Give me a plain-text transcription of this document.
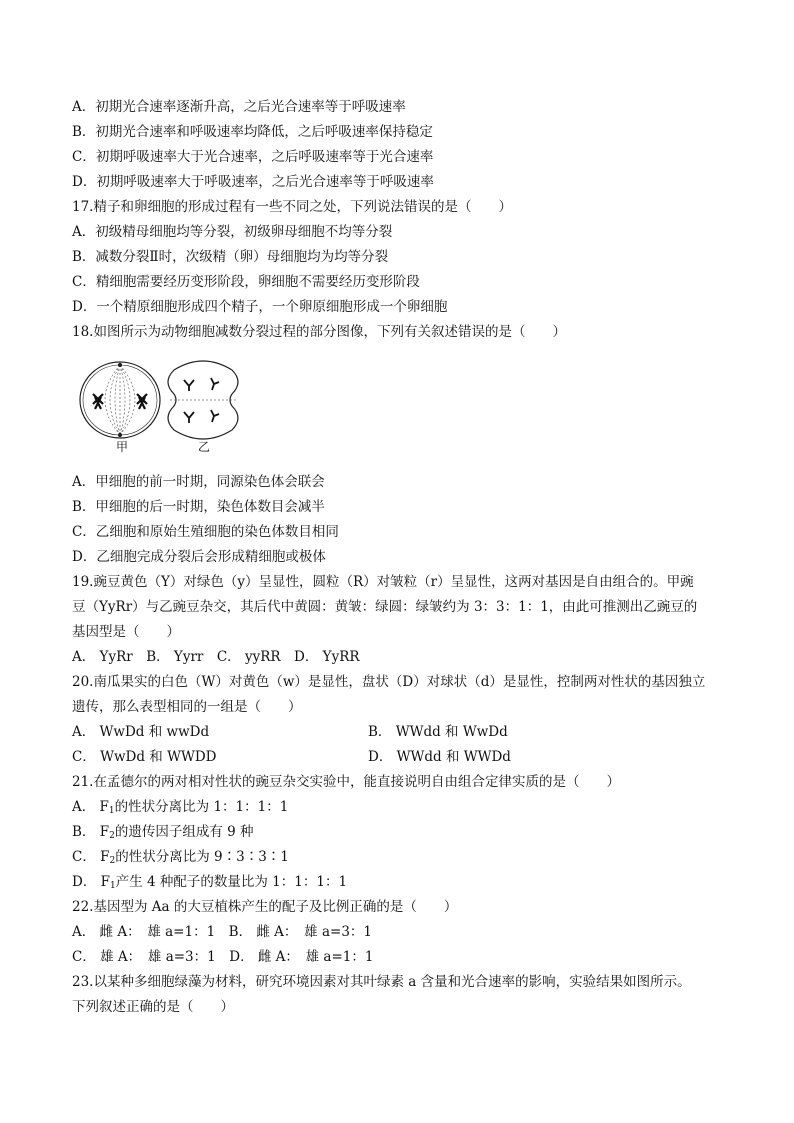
A．初期光合速率逐渐升高，之后光合速率等于呼吸速率
B．初期光合速率和呼吸速率均降低，之后呼吸速率保持稳定
C．初期呼吸速率大于光合速率，之后呼吸速率等于光合速率
D．初期呼吸速率大于呼吸速率，之后光合速率等于呼吸速率
17.精子和卵细胞的形成过程有一些不同之处，下列说法错误的是（　　）
A．初级精母细胞均等分裂，初级卵母细胞不均等分裂
B．减数分裂Ⅱ时，次级精（卵）母细胞均为均等分裂
C．精细胞需要经历变形阶段，卵细胞不需要经历变形阶段
D．一个精原细胞形成四个精子，一个卵原细胞形成一个卵细胞
18.如图所示为动物细胞减数分裂过程的部分图像，下列有关叙述错误的是（　　）
甲	乙
A．甲细胞的前一时期，同源染色体会联会
B．甲细胞的后一时期，染色体数目会减半
C．乙细胞和原始生殖细胞的染色体数目相同
D．乙细胞完成分裂后会形成精细胞或极体
19.豌豆黄色（Y）对绿色（y）呈显性，圆粒（R）对皱粒（r）呈显性，这两对基因是自由组合的。甲豌
豆（YyRr）与乙豌豆杂交，其后代中黄圆：黄皱：绿圆：绿皱约为 3：3：1：1，由此可推测出乙豌豆的
基因型是（　　）
A． YyRr　B． Yyrr　C． yyRR　D． YyRR
20.南瓜果实的白色（W）对黄色（w）是显性，盘状（D）对球状（d）是显性，控制两对性状的基因独立
遗传，那么表型相同的一组是（　　）
A． WwDd 和 wwDd	B． WWdd 和 WwDd
C． WwDd 和 WWDD	D． WWdd 和 WWDd
21.在孟德尔的两对相对性状的豌豆杂交实验中，能直接说明自由组合定律实质的是（　　）
A． $F_1$的性状分离比为 1：1：1：1
B． $F_2$的遗传因子组成有 9 种
C． $F_2$的性状分离比为 9∶3∶3∶1
D． $F_1$产生 4 种配子的数量比为 1：1：1：1
22.基因型为 Aa 的大豆植株产生的配子及比例正确的是（　　）
A． 雌 A：　雄 a=1：1　B． 雌 A：　雄 a=3：1
C． 雄 A：　雄 a=3：1　D． 雌 A：　雄 a=1：1
23.以某种多细胞绿藻为材料，研究环境因素对其叶绿素 a 含量和光合速率的影响，实验结果如图所示。
下列叙述正确的是（　　）
